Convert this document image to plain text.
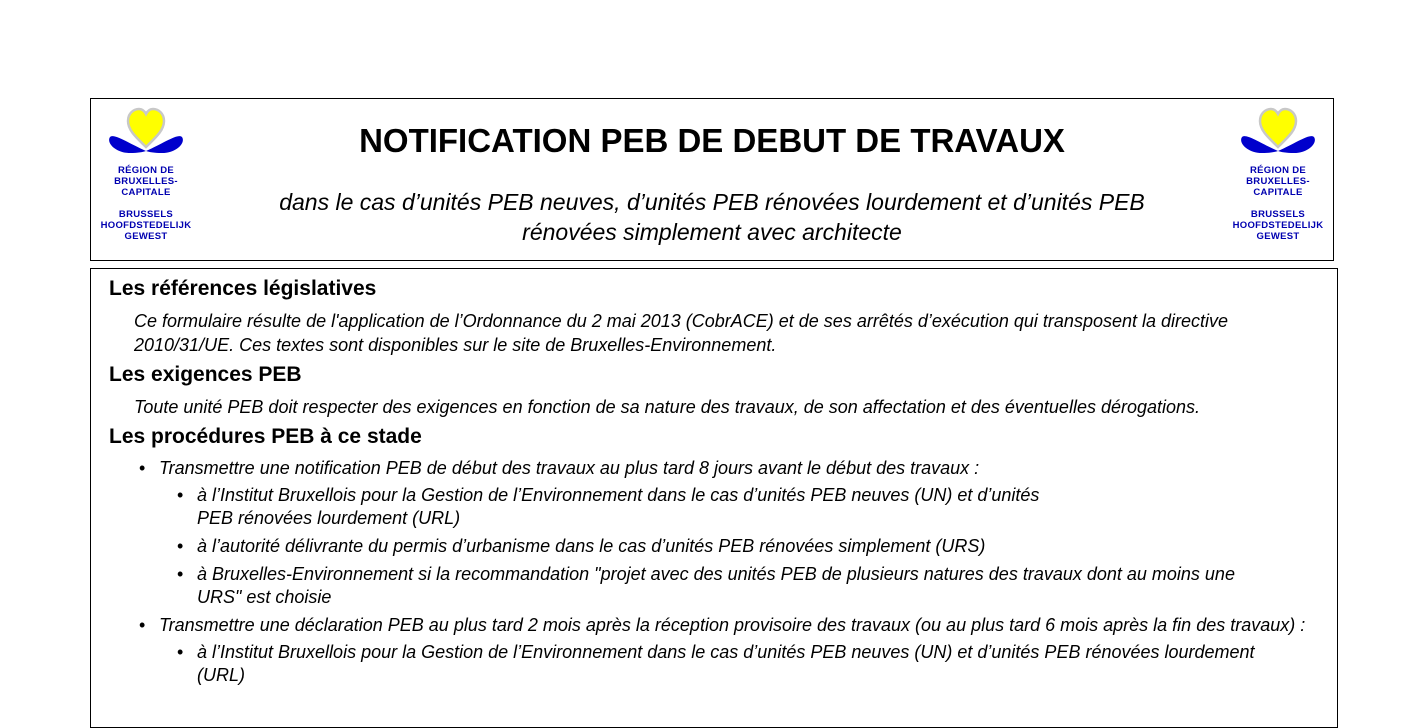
RÉGION DE BRUXELLES-CAPITALE
BRUSSELS HOOFDSTEDELIJK GEWEST
NOTIFICATION PEB DE DEBUT DE TRAVAUX

dans le cas d’unités PEB neuves, d’unités PEB rénovées lourdement et d’unités PEB rénovées simplement avec architecte

RÉGION DE BRUXELLES-CAPITALE
BRUSSELS HOOFDSTEDELIJK GEWEST
Les références législatives

Ce formulaire résulte de l'application de l’Ordonnance du 2 mai 2013 (CobrACE) et de ses arrêtés d’exécution qui transposent la directive 2010/31/UE. Ces textes sont disponibles sur le site de Bruxelles-Environnement.

Les exigences PEB

Toute unité PEB doit respecter des exigences en fonction de sa nature des travaux, de son affectation et des éventuelles dérogations.

Les procédures PEB à ce stade
• Transmettre une notification PEB de début des travaux au plus tard 8 jours avant le début des travaux :
• à l’Institut Bruxellois pour la Gestion de l’Environnement dans le cas d’unités PEB neuves (UN) et d’unités PEB rénovées lourdement (URL)
• à l’autorité délivrante du permis d’urbanisme dans le cas d’unités PEB rénovées simplement (URS)
• à Bruxelles-Environnement si la recommandation "projet avec des unités PEB de plusieurs natures des travaux dont au moins une URS" est choisie
• Transmettre une déclaration PEB au plus tard 2 mois après la réception provisoire des travaux (ou au plus tard 6 mois après la fin des travaux) :
• à l’Institut Bruxellois pour la Gestion de l’Environnement dans le cas d’unités PEB neuves (UN) et d’unités PEB rénovées lourdement (URL)
